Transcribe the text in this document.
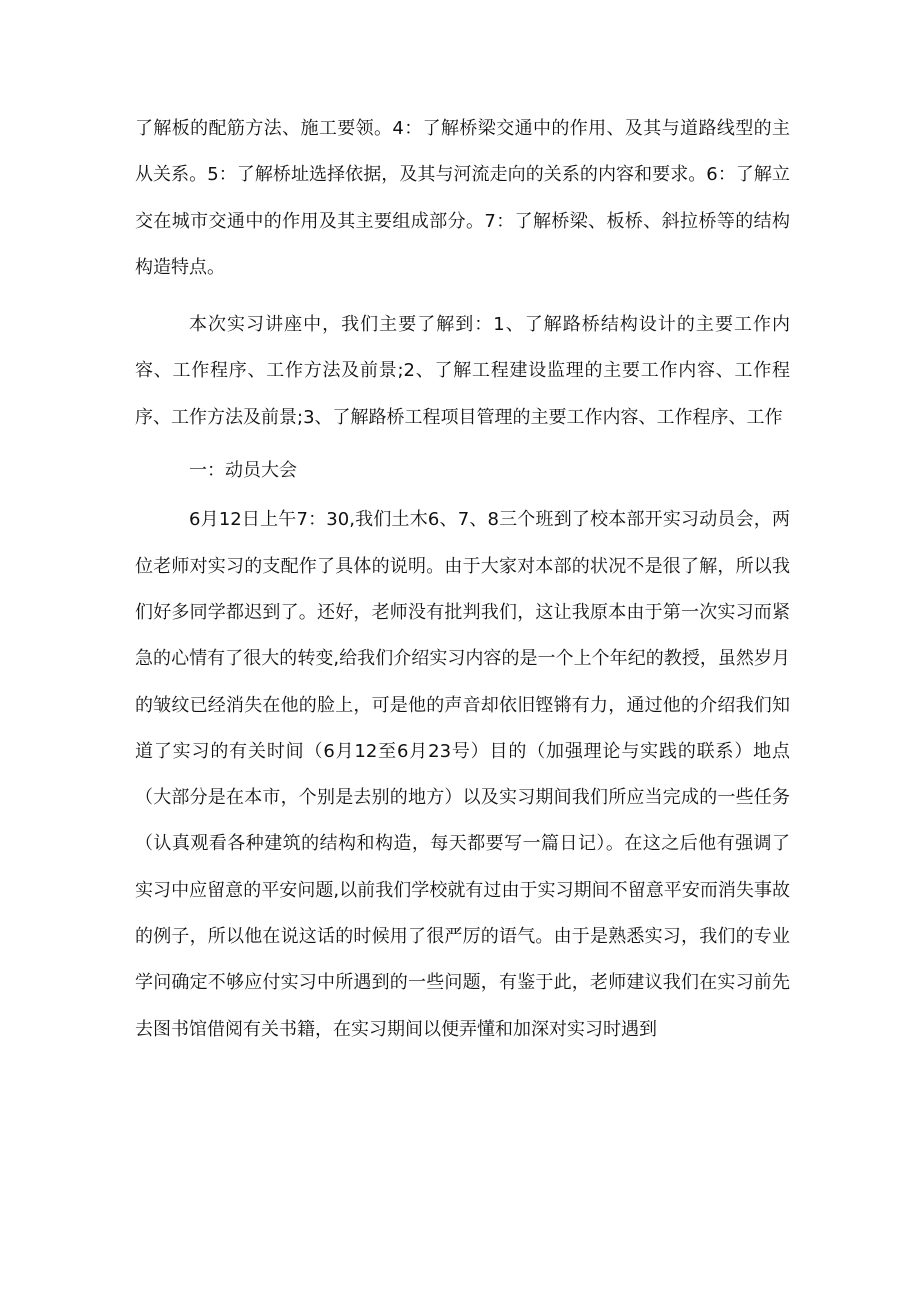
了解板的配筋方法、施工要领。4：了解桥梁交通中的作用、及其与道路线型的主从关系。5：了解桥址选择依据，及其与河流走向的关系的内容和要求。6：了解立交在城市交通中的作用及其主要组成部分。7：了解桥梁、板桥、斜拉桥等的结构构造特点。

本次实习讲座中，我们主要了解到：1、了解路桥结构设计的主要工作内容、工作程序、工作方法及前景;2、了解工程建设监理的主要工作内容、工作程序、工作方法及前景;3、了解路桥工程项目管理的主要工作内容、工作程序、工作

一：动员大会

6月12日上午7：30,我们土木6、7、8三个班到了校本部开实习动员会，两位老师对实习的支配作了具体的说明。由于大家对本部的状况不是很了解，所以我们好多同学都迟到了。还好，老师没有批判我们，这让我原本由于第一次实习而紧急的心情有了很大的转变,给我们介绍实习内容的是一个上个年纪的教授，虽然岁月的皱纹已经消失在他的脸上，可是他的声音却依旧铿锵有力，通过他的介绍我们知道了实习的有关时间（6月12至6月23号）目的（加强理论与实践的联系）地点（大部分是在本市，个别是去别的地方）以及实习期间我们所应当完成的一些任务（认真观看各种建筑的结构和构造，每天都要写一篇日记）。在这之后他有强调了实习中应留意的平安问题,以前我们学校就有过由于实习期间不留意平安而消失事故的例子，所以他在说这话的时候用了很严厉的语气。由于是熟悉实习，我们的专业学问确定不够应付实习中所遇到的一些问题，有鉴于此，老师建议我们在实习前先去图书馆借阅有关书籍，在实习期间以便弄懂和加深对实习时遇到
